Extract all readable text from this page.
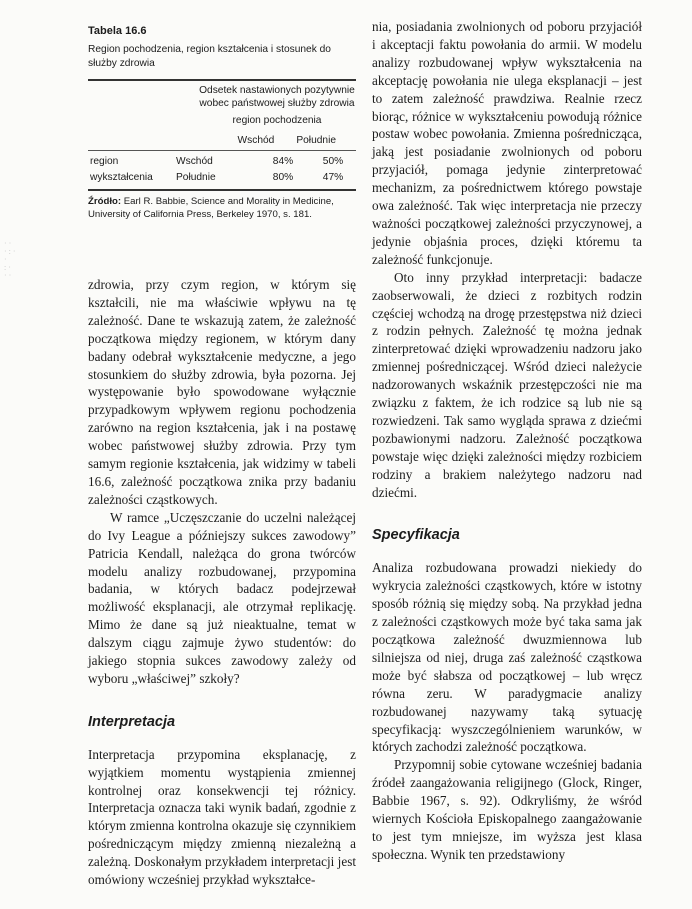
· ·
· : ·
·
: ·
· ·
Tabela 16.6
Region pochodzenia, region kształcenia i stosunek do służby zdrowia
Odsetek nastawionych pozytywnie
wobec państwowej służby zdrowia
region pochodzenia
Wschód Południe
region	Wschód	84%	50%
wykształcenia	Południe	80%	47%
Źródło: Earl R. Babbie, Science and Morality in Medicine, University of California Press, Berkeley 1970, s. 181.

zdrowia, przy czym region, w którym się kształcili, nie ma właściwie wpływu na tę zależność. Dane te wskazują zatem, że zależność początkowa między regionem, w którym dany badany odebrał wykształcenie medyczne, a jego stosunkiem do służby zdrowia, była pozorna. Jej występowanie było spowodowane wyłącznie przypadkowym wpływem regionu pochodzenia zarówno na region kształcenia, jak i na postawę wobec państwowej służby zdrowia. Przy tym samym regionie kształcenia, jak widzimy w tabeli 16.6, zależność początkowa znika przy badaniu zależności cząstkowych.

W ramce „Uczęszczanie do uczelni należącej do Ivy League a późniejszy sukces zawodowy” Patricia Kendall, należąca do grona twórców modelu analizy rozbudowanej, przypomina badania, w których badacz podejrzewał możliwość eksplanacji, ale otrzymał replikację. Mimo że dane są już nieaktualne, temat w dalszym ciągu zajmuje żywo studentów: do jakiego stopnia sukces zawodowy zależy od wyboru „właściwej” szkoły?

Interpretacja

Interpretacja przypomina eksplanację, z wyjątkiem momentu wystąpienia zmiennej kontrolnej oraz konsekwencji tej różnicy. Interpretacja oznacza taki wynik badań, zgodnie z którym zmienna kontrolna okazuje się czynnikiem pośredniczącym między zmienną niezależną a zależną. Doskonałym przykładem interpretacji jest omówiony wcześniej przykład wykształce-

nia, posiadania zwolnionych od poboru przyjaciół i akceptacji faktu powołania do armii. W modelu analizy rozbudowanej wpływ wykształcenia na akceptację powołania nie ulega eksplanacji – jest to zatem zależność prawdziwa. Realnie rzecz biorąc, różnice w wykształceniu powodują różnice postaw wobec powołania. Zmienna pośrednicząca, jaką jest posiadanie zwolnionych od poboru przyjaciół, pomaga jedynie zinterpretować mechanizm, za pośrednictwem którego powstaje owa zależność. Tak więc interpretacja nie przeczy ważności początkowej zależności przyczynowej, a jedynie objaśnia proces, dzięki któremu ta zależność funkcjonuje.

Oto inny przykład interpretacji: badacze zaobserwowali, że dzieci z rozbitych rodzin częściej wchodzą na drogę przestępstwa niż dzieci z rodzin pełnych. Zależność tę można jednak zinterpretować dzięki wprowadzeniu nadzoru jako zmiennej pośredniczącej. Wśród dzieci należycie nadzorowanych wskaźnik przestępczości nie ma związku z faktem, że ich rodzice są lub nie są rozwiedzeni. Tak samo wygląda sprawa z dziećmi pozbawionymi nadzoru. Zależność początkowa powstaje więc dzięki zależności między rozbiciem rodziny a brakiem należytego nadzoru nad dziećmi.

Specyfikacja

Analiza rozbudowana prowadzi niekiedy do wykrycia zależności cząstkowych, które w istotny sposób różnią się między sobą. Na przykład jedna z zależności cząstkowych może być taka sama jak początkowa zależność dwuzmiennowa lub silniejsza od niej, druga zaś zależność cząstkowa może być słabsza od początkowej – lub wręcz równa zeru. W paradygmacie analizy rozbudowanej nazywamy taką sytuację specyfikacją: wyszczególnieniem warunków, w których zachodzi zależność początkowa.

Przypomnij sobie cytowane wcześniej badania źródeł zaangażowania religijnego (Glock, Ringer, Babbie 1967, s. 92). Odkryliśmy, że wśród wiernych Kościoła Episkopalnego zaangażowanie to jest tym mniejsze, im wyższa jest klasa społeczna. Wynik ten przedstawiony
